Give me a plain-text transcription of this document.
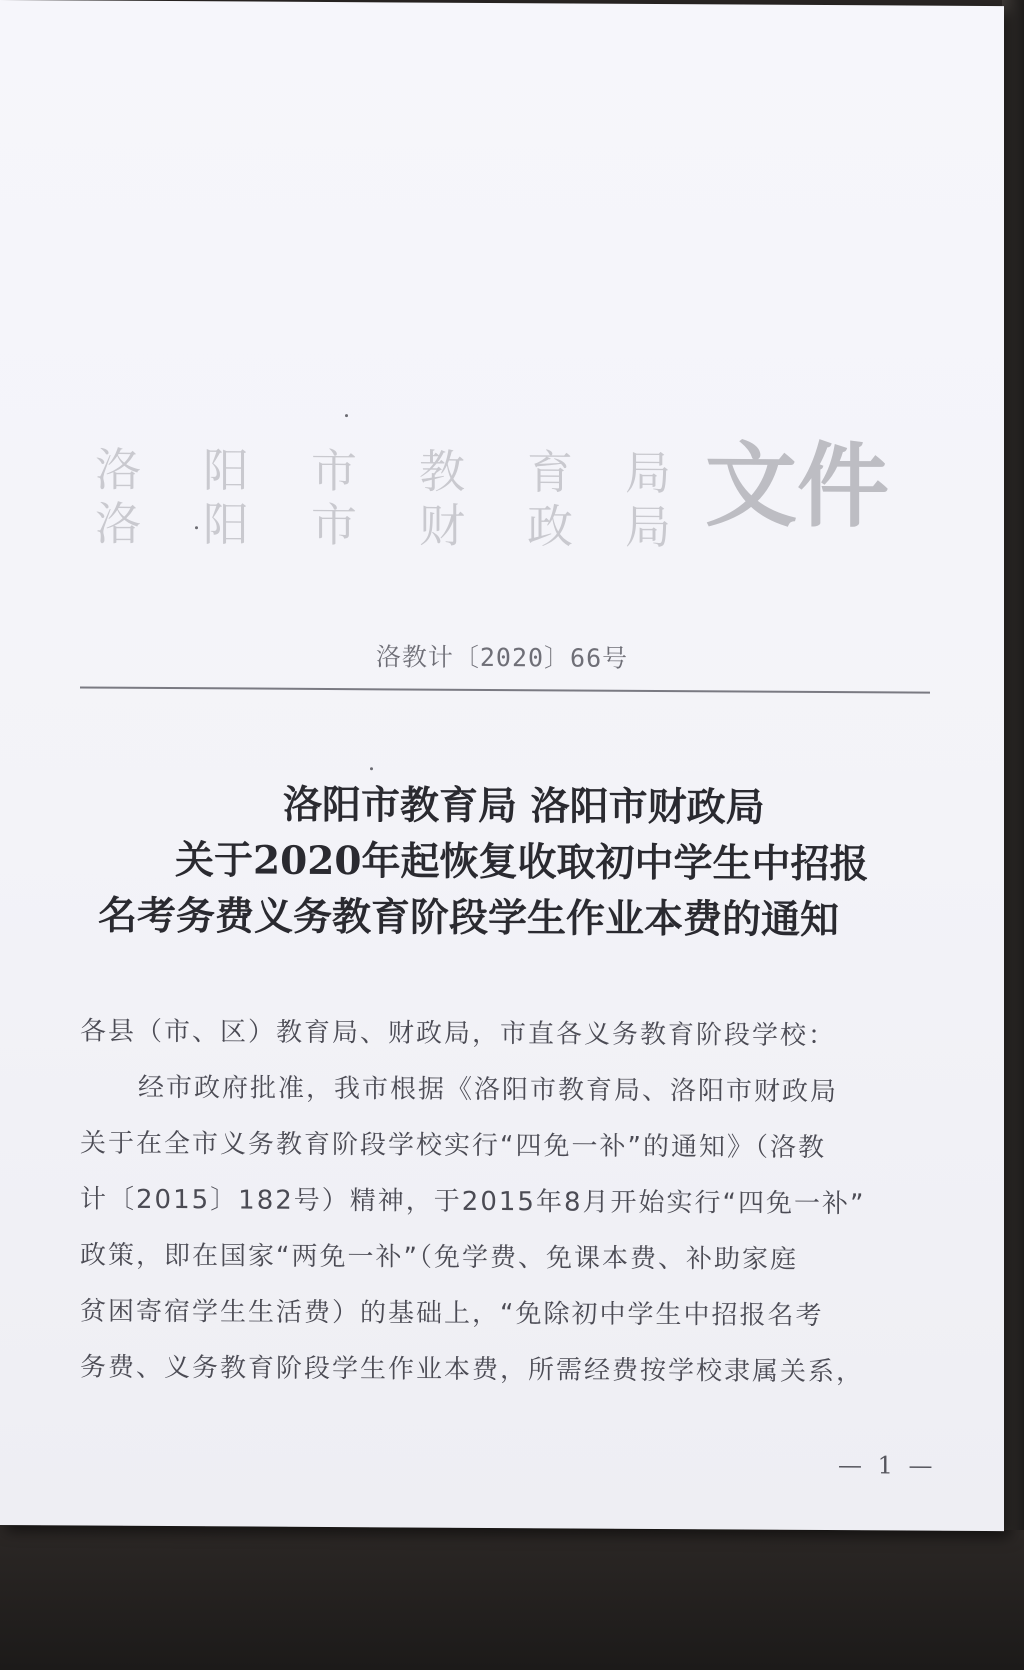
洛 阳 市 教 育 局
洛 阳 市 财 政 局 文件
洛教计〔2020〕66号
洛阳市教育局 洛阳市财政局
关于2020年起恢复收取初中学生中招报
名考务费义务教育阶段学生作业本费的通知
各县（市、区）教育局、财政局，市直各义务教育阶段学校：
经市政府批准，我市根据《洛阳市教育局、洛阳市财政局
关于在全市义务教育阶段学校实行“四免一补”的通知》（洛教
计〔2015〕182号）精神，于2015年8月开始实行“四免一补”
政策，即在国家“两免一补”（免学费、免课本费、补助家庭
贫困寄宿学生生活费）的基础上，“免除初中学生中招报名考
务费、义务教育阶段学生作业本费，所需经费按学校隶属关系，
— 1 —
